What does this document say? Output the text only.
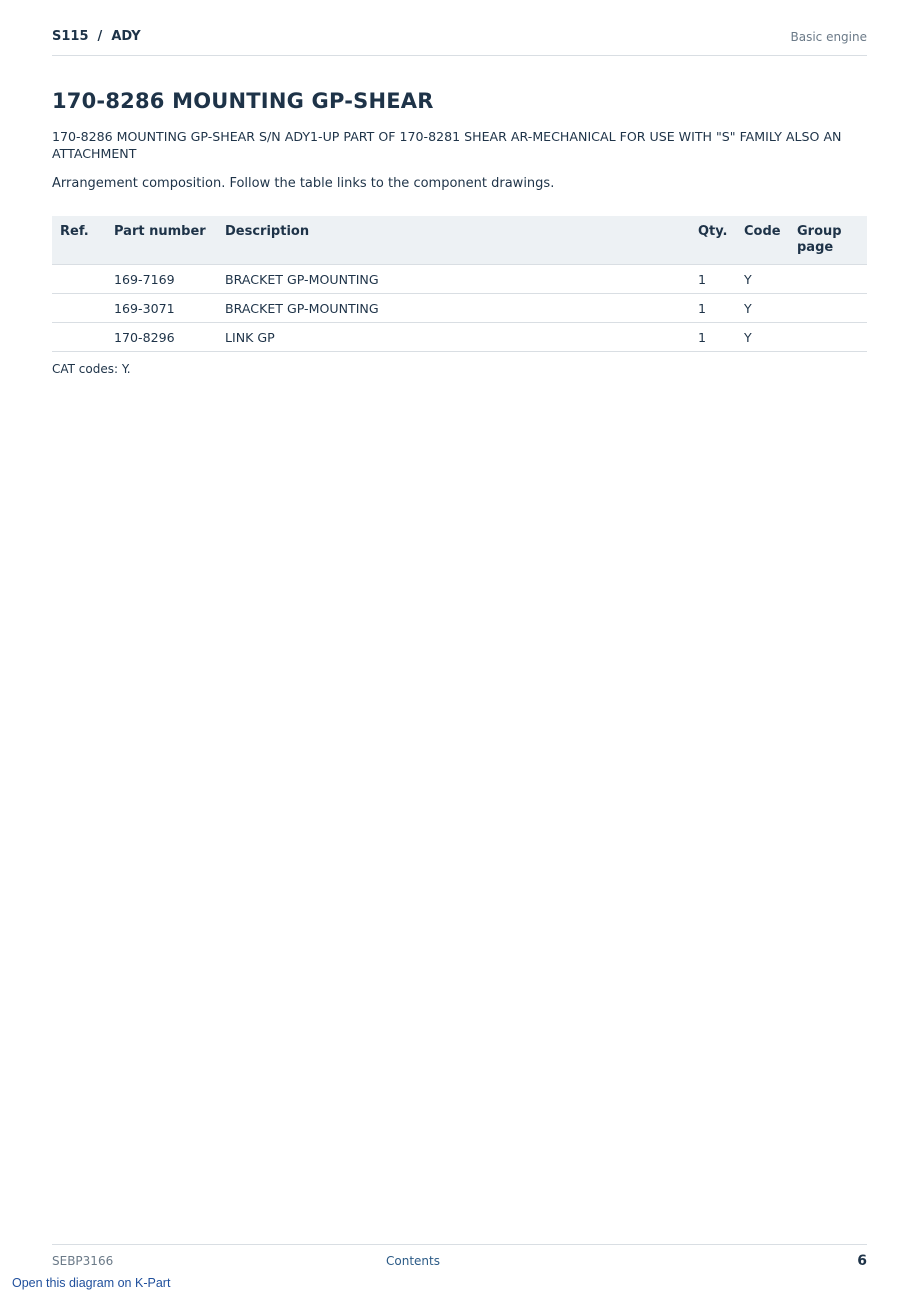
S115  /  ADY	Basic engine
170-8286 MOUNTING GP-SHEAR

170-8286 MOUNTING GP-SHEAR S/N ADY1-UP PART OF 170-8281 SHEAR AR-MECHANICAL FOR USE WITH "S" FAMILY ALSO AN ATTACHMENT

Arrangement composition. Follow the table links to the component drawings.

Ref.	Part number	Description	Qty.	Code	Group page
	169-7169	BRACKET GP-MOUNTING	1	Y	
	169-3071	BRACKET GP-MOUNTING	1	Y	
	170-8296	LINK GP	1	Y	

CAT codes: Y.

SEBP3166	Contents	6
Open this diagram on K-Part
